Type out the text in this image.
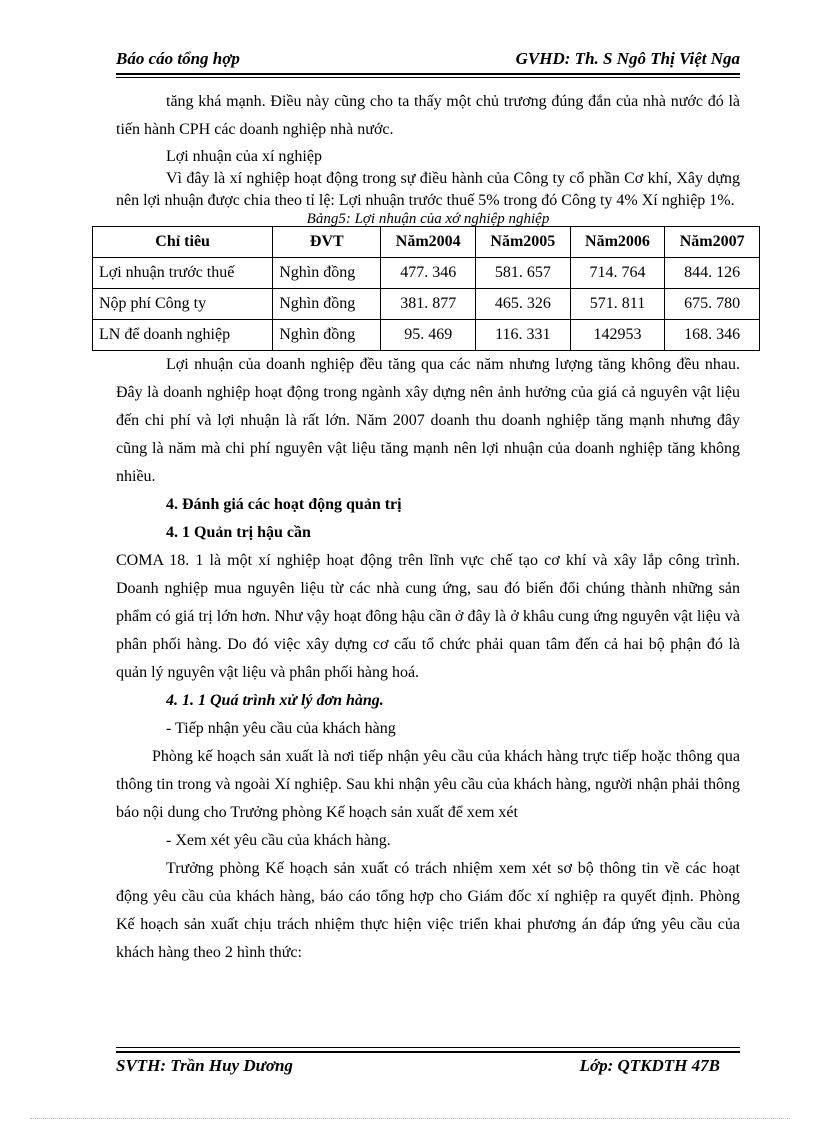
Báo cáo tổng hợp	GVHD: Th. S Ngô Thị Việt Nga

tăng khá mạnh. Điều này cũng cho ta thấy một chủ trương đúng đắn của nhà nước đó là tiến hành CPH các doanh nghiệp nhà nước.

Lợi nhuận của xí nghiệp

Vì đây là xí nghiệp hoạt động trong sự điều hành của Công ty cổ phần Cơ khí, Xây dựng nên lợi nhuận được chia theo tỉ lệ: Lợi nhuận trước thuế 5% trong đó Công ty 4% Xí nghiệp 1%.

Bảng5: Lợi nhuận của xớ nghiệp nghiệp

Chỉ tiêu	ĐVT	Năm2004	Năm2005	Năm2006	Năm2007
Lợi nhuận trước thuế	Nghìn đồng	477. 346	581. 657	714. 764	844. 126
Nộp phí Công ty	Nghìn đồng	381. 877	465. 326	571. 811	675. 780
LN để doanh nghiệp	Nghìn đồng	95. 469	116. 331	142953	168. 346

Lợi nhuận của doanh nghiệp đều tăng qua các năm nhưng lượng tăng không đều nhau. Đây là doanh nghiệp hoạt động trong ngành xây dựng nên ảnh hưởng của giá cả nguyên vật liệu đến chi phí và lợi nhuận là rất lớn. Năm 2007 doanh thu doanh nghiệp tăng mạnh nhưng đây cũng là năm mà chi phí nguyên vật liệu tăng mạnh nên lợi nhuận của doanh nghiệp tăng không nhiều.

4. Đánh giá các hoạt động quản trị

4. 1 Quản trị hậu cần

COMA 18. 1 là một xí nghiệp hoạt động trên lĩnh vực chế tạo cơ khí và xây lắp công trình. Doanh nghiệp mua nguyên liệu từ các nhà cung ứng, sau đó biến đổi chúng thành những sản phẩm có giá trị lớn hơn. Như vậy hoạt đông hậu cần ở đây là ở khâu cung ứng nguyên vật liệu và phân phối hàng. Do đó việc xây dựng cơ cấu tổ chức phải quan tâm đến cả hai bộ phận đó là quản lý nguyên vật liệu và phân phối hàng hoá.

4. 1. 1 Quá trình xử lý đơn hàng.

- Tiếp nhận yêu cầu của khách hàng

Phòng kế hoạch sản xuất là nơi tiếp nhận yêu cầu của khách hàng trực tiếp hoặc thông qua thông tin trong và ngoài Xí nghiệp. Sau khi nhận yêu cầu của khách hàng, người nhận phải thông báo nội dung cho Trưởng phòng Kế hoạch sản xuất để xem xét

- Xem xét yêu cầu của khách hàng.

Trưởng phòng Kế hoạch sản xuất có trách nhiệm xem xét sơ bộ thông tin về các hoạt động yêu cầu của khách hàng, báo cáo tổng hợp cho Giám đốc xí nghiệp ra quyết định. Phòng Kế hoạch sản xuất chịu trách nhiệm thực hiện việc triển khai phương án đáp ứng yêu cầu của khách hàng theo 2 hình thức:

SVTH: Trần Huy Dương	Lớp: QTKDTH 47B
